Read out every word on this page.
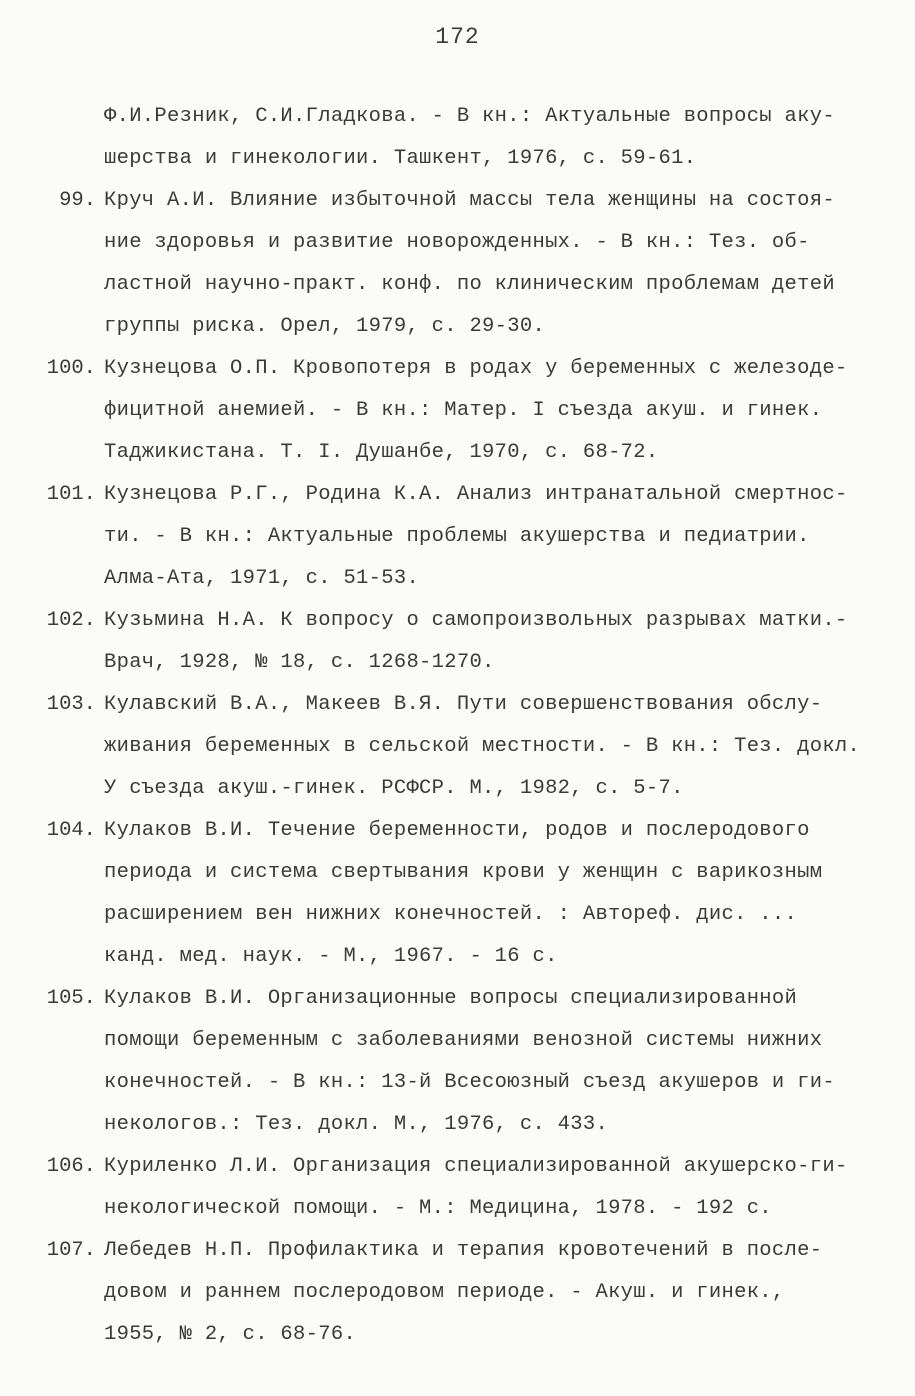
172
Ф.И.Резник, С.И.Гладкова. - В кн.: Актуальные вопросы аку-
шерства и гинекологии. Ташкент, 1976, с. 59-61.
99. Круч А.И. Влияние избыточной массы тела женщины на состоя-
ние здоровья и развитие новорожденных. - В кн.: Тез. об-
ластной научно-практ. конф. по клиническим проблемам детей
группы риска. Орел, 1979, с. 29-30.
100. Кузнецова О.П. Кровопотеря в родах у беременных с железоде-
фицитной анемией. - В кн.: Матер. I съезда акуш. и гинек.
Таджикистана. Т. I. Душанбе, 1970, с. 68-72.
101. Кузнецова Р.Г., Родина К.А. Анализ интранатальной смертнос-
ти. - В кн.: Актуальные проблемы акушерства и педиатрии.
Алма-Ата, 1971, с. 51-53.
102. Кузьмина Н.А. К вопросу о самопроизвольных разрывах матки.-
Врач, 1928, № 18, с. 1268-1270.
103. Кулавский В.А., Макеев В.Я. Пути совершенствования обслу-
живания беременных в сельской местности. - В кн.: Тез. докл.
У съезда акуш.-гинек. РСФСР. М., 1982, с. 5-7.
104. Кулаков В.И. Течение беременности, родов и послеродового
периода и система свертывания крови у женщин с варикозным
расширением вен нижних конечностей. : Автореф. дис. ...
канд. мед. наук. - М., 1967. - 16 с.
105. Кулаков В.И. Организационные вопросы специализированной
помощи беременным с заболеваниями венозной системы нижних
конечностей. - В кн.: 13-й Всесоюзный съезд акушеров и ги-
некологов.: Тез. докл. М., 1976, с. 433.
106. Куриленко Л.И. Организация специализированной акушерско-ги-
некологической помощи. - М.: Медицина, 1978. - 192 с.
107. Лебедев Н.П. Профилактика и терапия кровотечений в после-
довом и раннем послеродовом периоде. - Акуш. и гинек.,
1955, № 2, с. 68-76.
